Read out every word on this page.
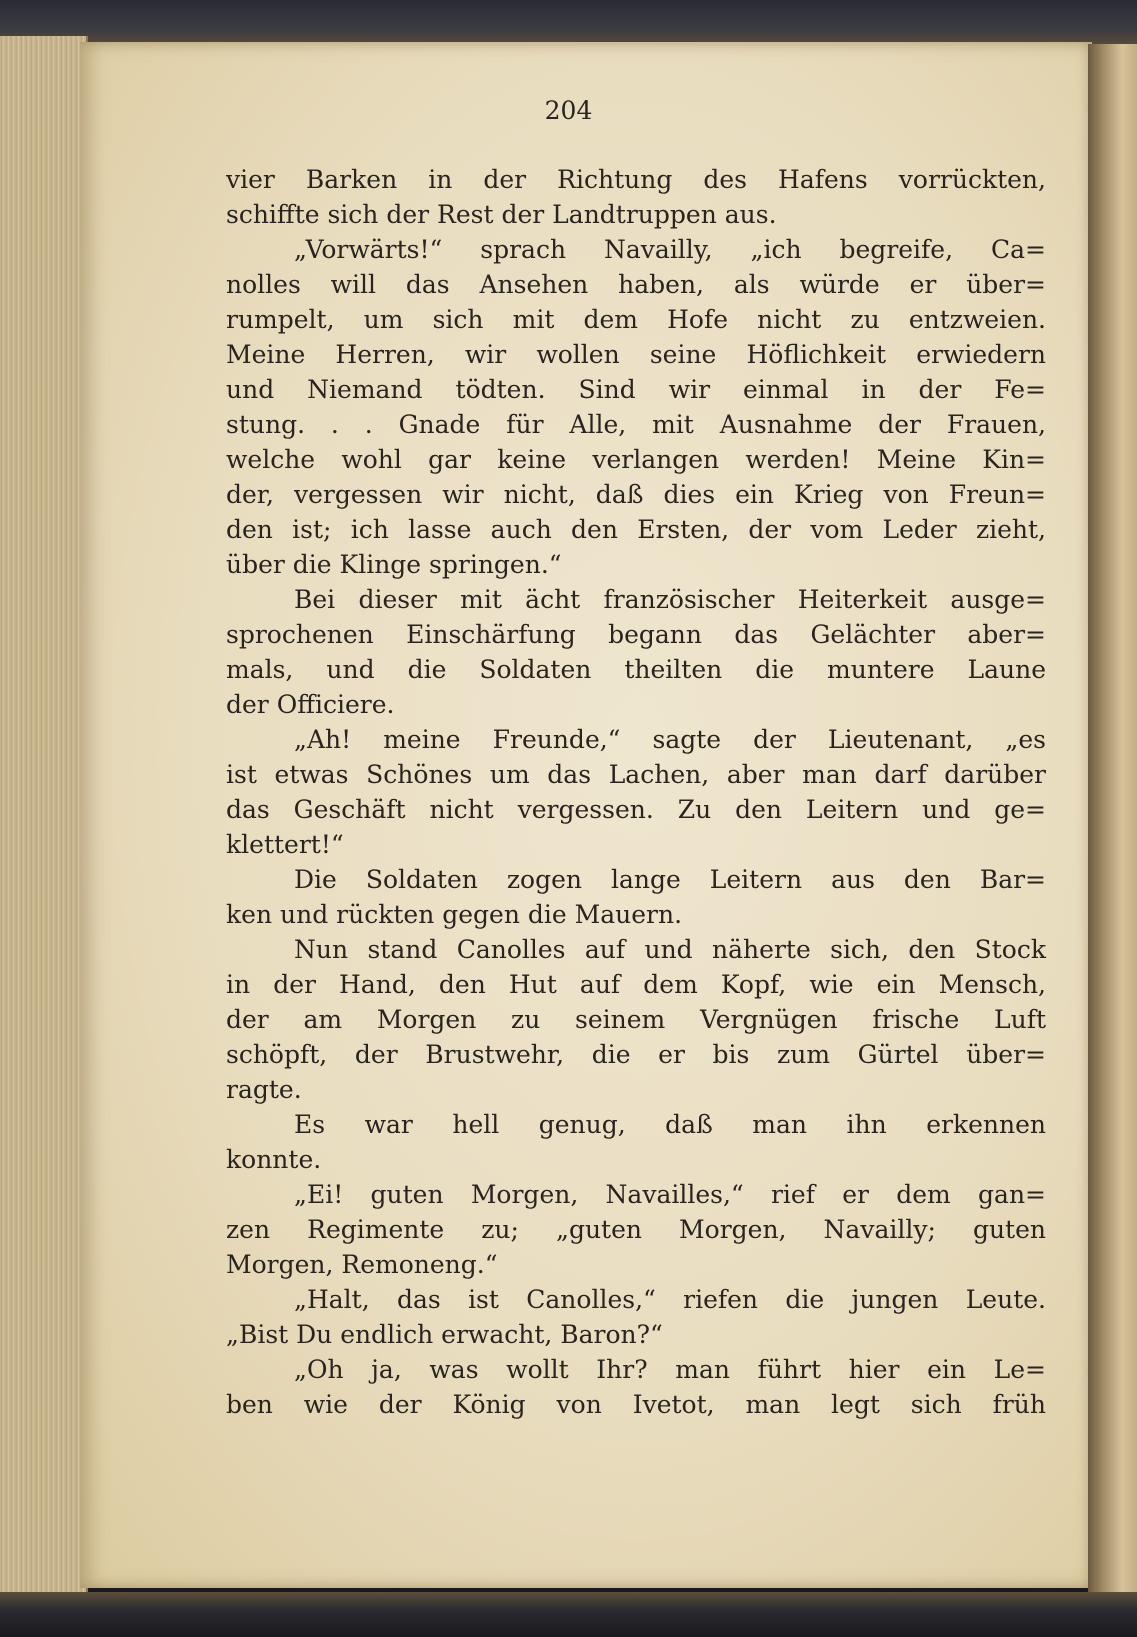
204
vier Barken in der Richtung des Hafens vorrückten,
schiffte sich der Rest der Landtruppen aus.
„Vorwärts!“ sprach Navailly, „ich begreife, Ca=
nolles will das Ansehen haben, als würde er über=
rumpelt, um sich mit dem Hofe nicht zu entzweien.
Meine Herren, wir wollen seine Höflichkeit erwiedern
und Niemand tödten. Sind wir einmal in der Fe=
stung. . . Gnade für Alle, mit Ausnahme der Frauen,
welche wohl gar keine verlangen werden! Meine Kin=
der, vergessen wir nicht, daß dies ein Krieg von Freun=
den ist; ich lasse auch den Ersten, der vom Leder zieht,
über die Klinge springen.“
Bei dieser mit ächt französischer Heiterkeit ausge=
sprochenen Einschärfung begann das Gelächter aber=
mals, und die Soldaten theilten die muntere Laune
der Officiere.
„Ah! meine Freunde,“ sagte der Lieutenant, „es
ist etwas Schönes um das Lachen, aber man darf darüber
das Geschäft nicht vergessen. Zu den Leitern und ge=
klettert!“
Die Soldaten zogen lange Leitern aus den Bar=
ken und rückten gegen die Mauern.
Nun stand Canolles auf und näherte sich, den Stock
in der Hand, den Hut auf dem Kopf, wie ein Mensch,
der am Morgen zu seinem Vergnügen frische Luft
schöpft, der Brustwehr, die er bis zum Gürtel über=
ragte.
Es war hell genug, daß man ihn erkennen
konnte.
„Ei! guten Morgen, Navailles,“ rief er dem gan=
zen Regimente zu; „guten Morgen, Navailly; guten
Morgen, Remoneng.“
„Halt, das ist Canolles,“ riefen die jungen Leute.
„Bist Du endlich erwacht, Baron?“
„Oh ja, was wollt Ihr? man führt hier ein Le=
ben wie der König von Ivetot, man legt sich früh
